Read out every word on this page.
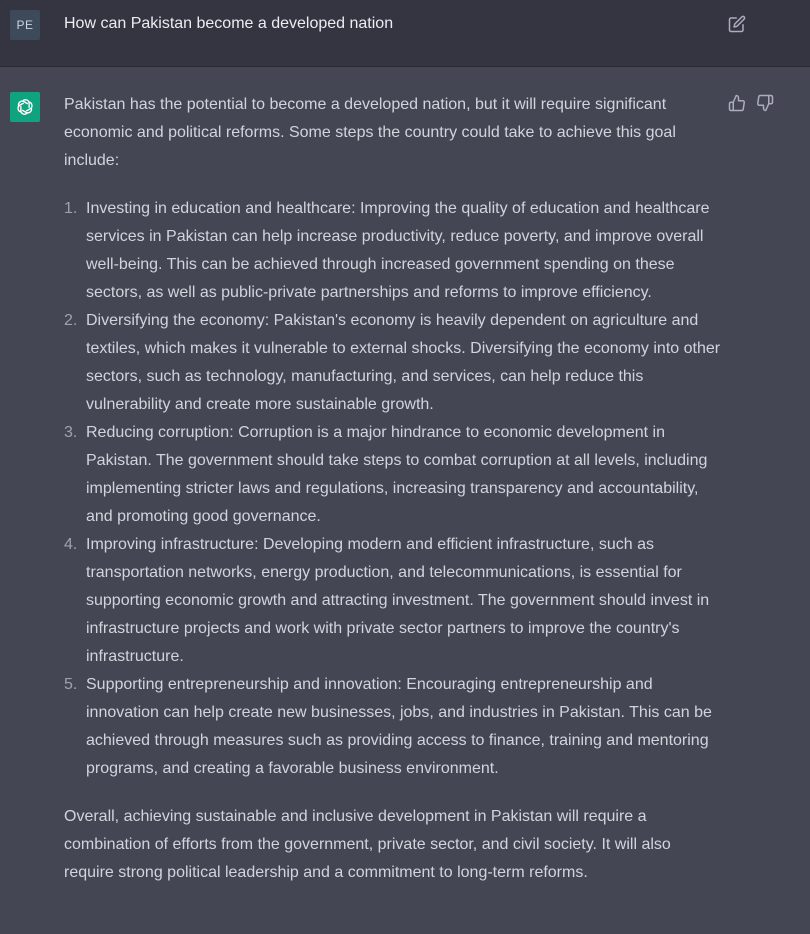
PE	How can Pakistan become a developed nation

Pakistan has the potential to become a developed nation, but it will require significant economic and political reforms. Some steps the country could take to achieve this goal include:

1. Investing in education and healthcare: Improving the quality of education and healthcare services in Pakistan can help increase productivity, reduce poverty, and improve overall well-being. This can be achieved through increased government spending on these sectors, as well as public-private partnerships and reforms to improve efficiency.
2. Diversifying the economy: Pakistan's economy is heavily dependent on agriculture and textiles, which makes it vulnerable to external shocks. Diversifying the economy into other sectors, such as technology, manufacturing, and services, can help reduce this vulnerability and create more sustainable growth.
3. Reducing corruption: Corruption is a major hindrance to economic development in Pakistan. The government should take steps to combat corruption at all levels, including implementing stricter laws and regulations, increasing transparency and accountability, and promoting good governance.
4. Improving infrastructure: Developing modern and efficient infrastructure, such as transportation networks, energy production, and telecommunications, is essential for supporting economic growth and attracting investment. The government should invest in infrastructure projects and work with private sector partners to improve the country's infrastructure.
5. Supporting entrepreneurship and innovation: Encouraging entrepreneurship and innovation can help create new businesses, jobs, and industries in Pakistan. This can be achieved through measures such as providing access to finance, training and mentoring programs, and creating a favorable business environment.

Overall, achieving sustainable and inclusive development in Pakistan will require a combination of efforts from the government, private sector, and civil society. It will also require strong political leadership and a commitment to long-term reforms.
